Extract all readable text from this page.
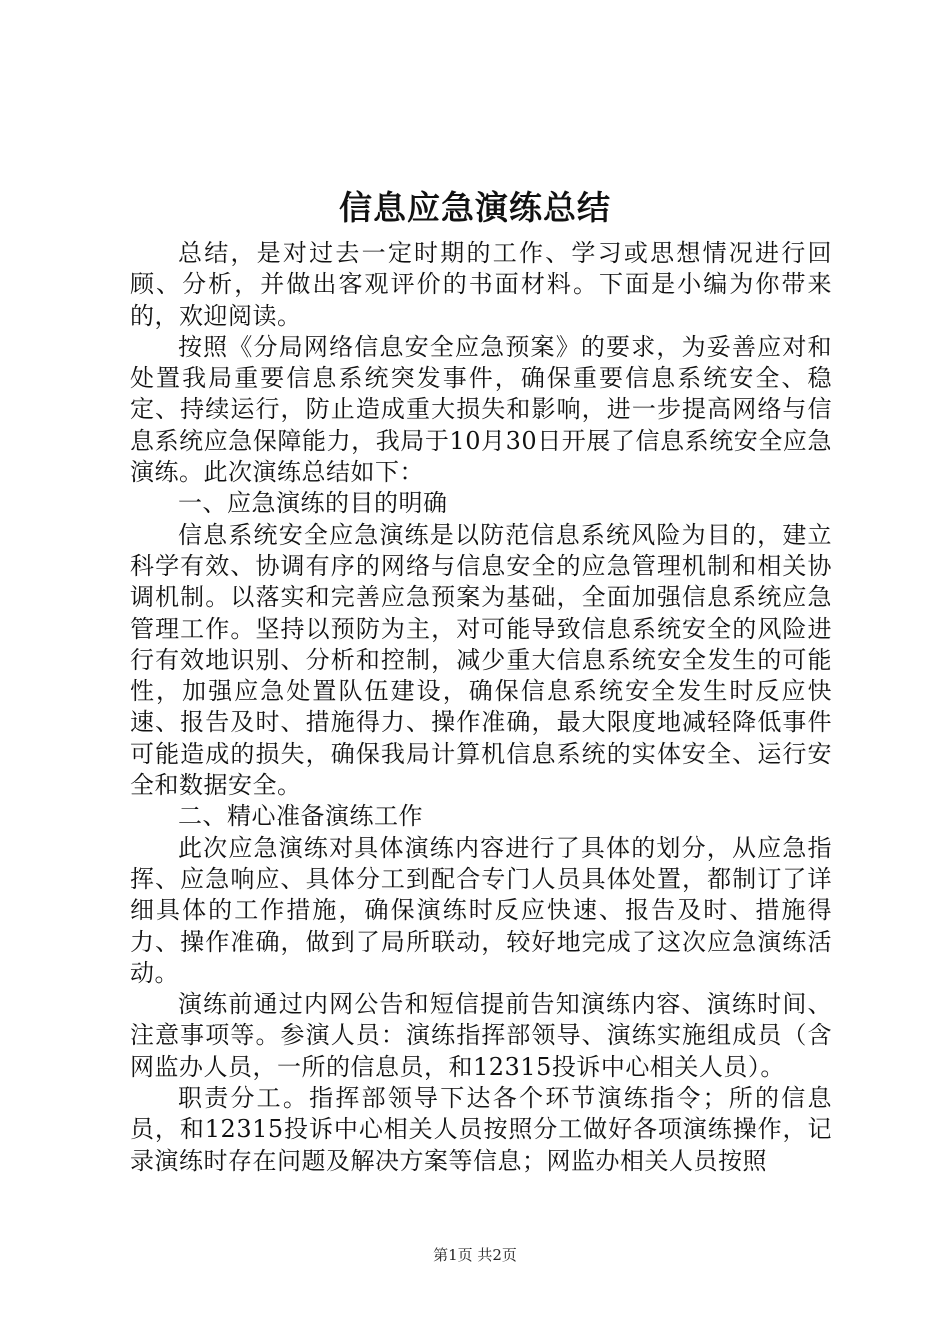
信息应急演练总结

总结，是对过去一定时期的工作、学习或思想情况进行回顾、分析，并做出客观评价的书面材料。下面是小编为你带来的，欢迎阅读。

按照《分局网络信息安全应急预案》的要求，为妥善应对和处置我局重要信息系统突发事件，确保重要信息系统安全、稳定、持续运行，防止造成重大损失和影响，进一步提高网络与信息系统应急保障能力，我局于10月30日开展了信息系统安全应急演练。此次演练总结如下：

一、应急演练的目的明确

信息系统安全应急演练是以防范信息系统风险为目的，建立科学有效、协调有序的网络与信息安全的应急管理机制和相关协调机制。以落实和完善应急预案为基础，全面加强信息系统应急管理工作。坚持以预防为主，对可能导致信息系统安全的风险进行有效地识别、分析和控制，减少重大信息系统安全发生的可能性，加强应急处置队伍建设，确保信息系统安全发生时反应快速、报告及时、措施得力、操作准确，最大限度地减轻降低事件可能造成的损失，确保我局计算机信息系统的实体安全、运行安全和数据安全。

二、精心准备演练工作

此次应急演练对具体演练内容进行了具体的划分，从应急指挥、应急响应、具体分工到配合专门人员具体处置，都制订了详细具体的工作措施，确保演练时反应快速、报告及时、措施得力、操作准确，做到了局所联动，较好地完成了这次应急演练活动。

演练前通过内网公告和短信提前告知演练内容、演练时间、注意事项等。参演人员：演练指挥部领导、演练实施组成员（含网监办人员，一所的信息员，和12315投诉中心相关人员）。

职责分工。指挥部领导下达各个环节演练指令；所的信息员，和12315投诉中心相关人员按照分工做好各项演练操作，记录演练时存在问题及解决方案等信息；网监办相关人员按照

第1页 共2页
